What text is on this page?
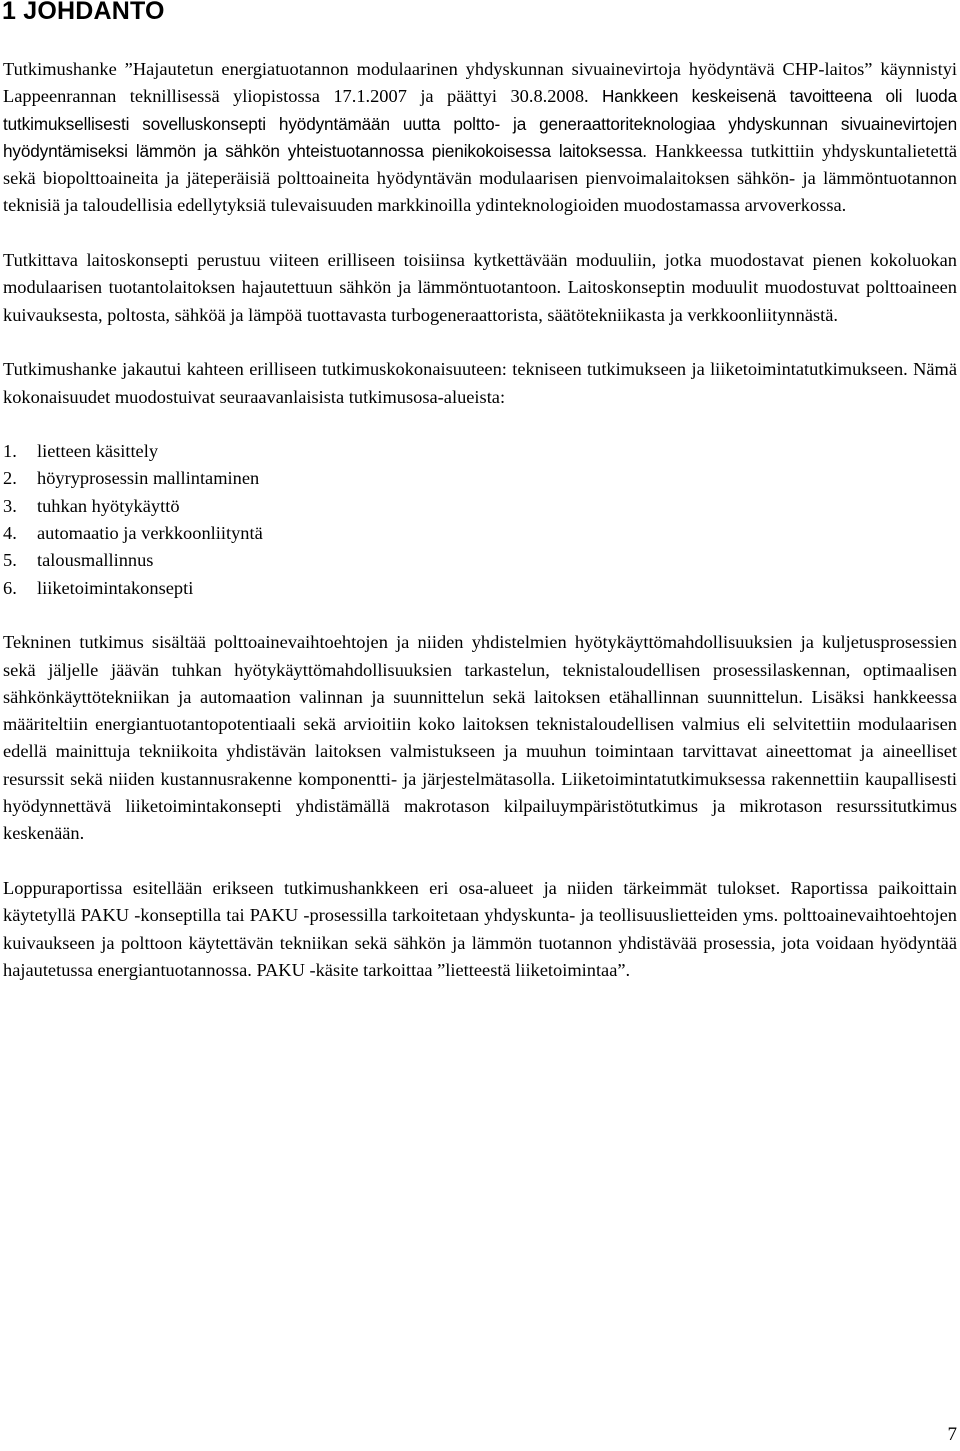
1 JOHDANTO

Tutkimushanke ”Hajautetun energiatuotannon modulaarinen yhdyskunnan sivuainevirtoja hyödyntävä CHP-laitos” käynnistyi Lappeenrannan teknillisessä yliopistossa 17.1.2007 ja päättyi 30.8.2008. Hankkeen keskeisenä tavoitteena oli luoda tutkimuksellisesti sovelluskonsepti hyödyntämään uutta poltto- ja generaattoriteknologiaa yhdyskunnan sivuainevirtojen hyödyntämiseksi lämmön ja sähkön yhteistuotannossa pienikokoisessa laitoksessa. Hankkeessa tutkittiin yhdyskuntalietettä sekä biopolttoaineita ja jäteperäisiä polttoaineita hyödyntävän modulaarisen pienvoimalaitoksen sähkön- ja lämmöntuotannon teknisiä ja taloudellisia edellytyksiä tulevaisuuden markkinoilla ydinteknologioiden muodostamassa arvoverkossa.

Tutkittava laitoskonsepti perustuu viiteen erilliseen toisiinsa kytkettävään moduuliin, jotka muodostavat pienen kokoluokan modulaarisen tuotantolaitoksen hajautettuun sähkön ja lämmöntuotantoon. Laitoskonseptin moduulit muodostuvat polttoaineen kuivauksesta, poltosta, sähköä ja lämpöä tuottavasta turbogeneraattorista, säätötekniikasta ja verkkoonliitynnästä.

Tutkimushanke jakautui kahteen erilliseen tutkimuskokonaisuuteen: tekniseen tutkimukseen ja liiketoimintatutkimukseen. Nämä kokonaisuudet muodostuivat seuraavanlaisista tutkimusosa-alueista:

1.	lietteen käsittely
2.	höyryprosessin mallintaminen
3.	tuhkan hyötykäyttö
4.	automaatio ja verkkoonliityntä
5.	talousmallinnus
6.	liiketoimintakonsepti

Tekninen tutkimus sisältää polttoainevaihtoehtojen ja niiden yhdistelmien hyötykäyttömahdollisuuksien ja kuljetusprosessien sekä jäljelle jäävän tuhkan hyötykäyttömahdollisuuksien tarkastelun, teknistaloudellisen prosessilaskennan, optimaalisen sähkönkäyttötekniikan ja automaation valinnan ja suunnittelun sekä laitoksen etähallinnan suunnittelun. Lisäksi hankkeessa määriteltiin energiantuotantopotentiaali sekä arvioitiin koko laitoksen teknistaloudellisen valmius eli selvitettiin modulaarisen edellä mainittuja tekniikoita yhdistävän laitoksen valmistukseen ja muuhun toimintaan tarvittavat aineettomat ja aineelliset resurssit sekä niiden kustannusrakenne komponentti- ja järjestelmätasolla. Liiketoimintatutkimuksessa rakennettiin kaupallisesti hyödynnettävä liiketoimintakonsepti yhdistämällä makrotason kilpailuympäristötutkimus ja mikrotason resurssitutkimus keskenään.

Loppuraportissa esitellään erikseen tutkimushankkeen eri osa-alueet ja niiden tärkeimmät tulokset. Raportissa paikoittain käytetyllä PAKU -konseptilla tai PAKU -prosessilla tarkoitetaan yhdyskunta- ja teollisuuslietteiden yms. polttoainevaihtoehtojen kuivaukseen ja polttoon käytettävän tekniikan sekä sähkön ja lämmön tuotannon yhdistävää prosessia, jota voidaan hyödyntää hajautetussa energiantuotannossa. PAKU -käsite tarkoittaa ”lietteestä liiketoimintaa”.

7
